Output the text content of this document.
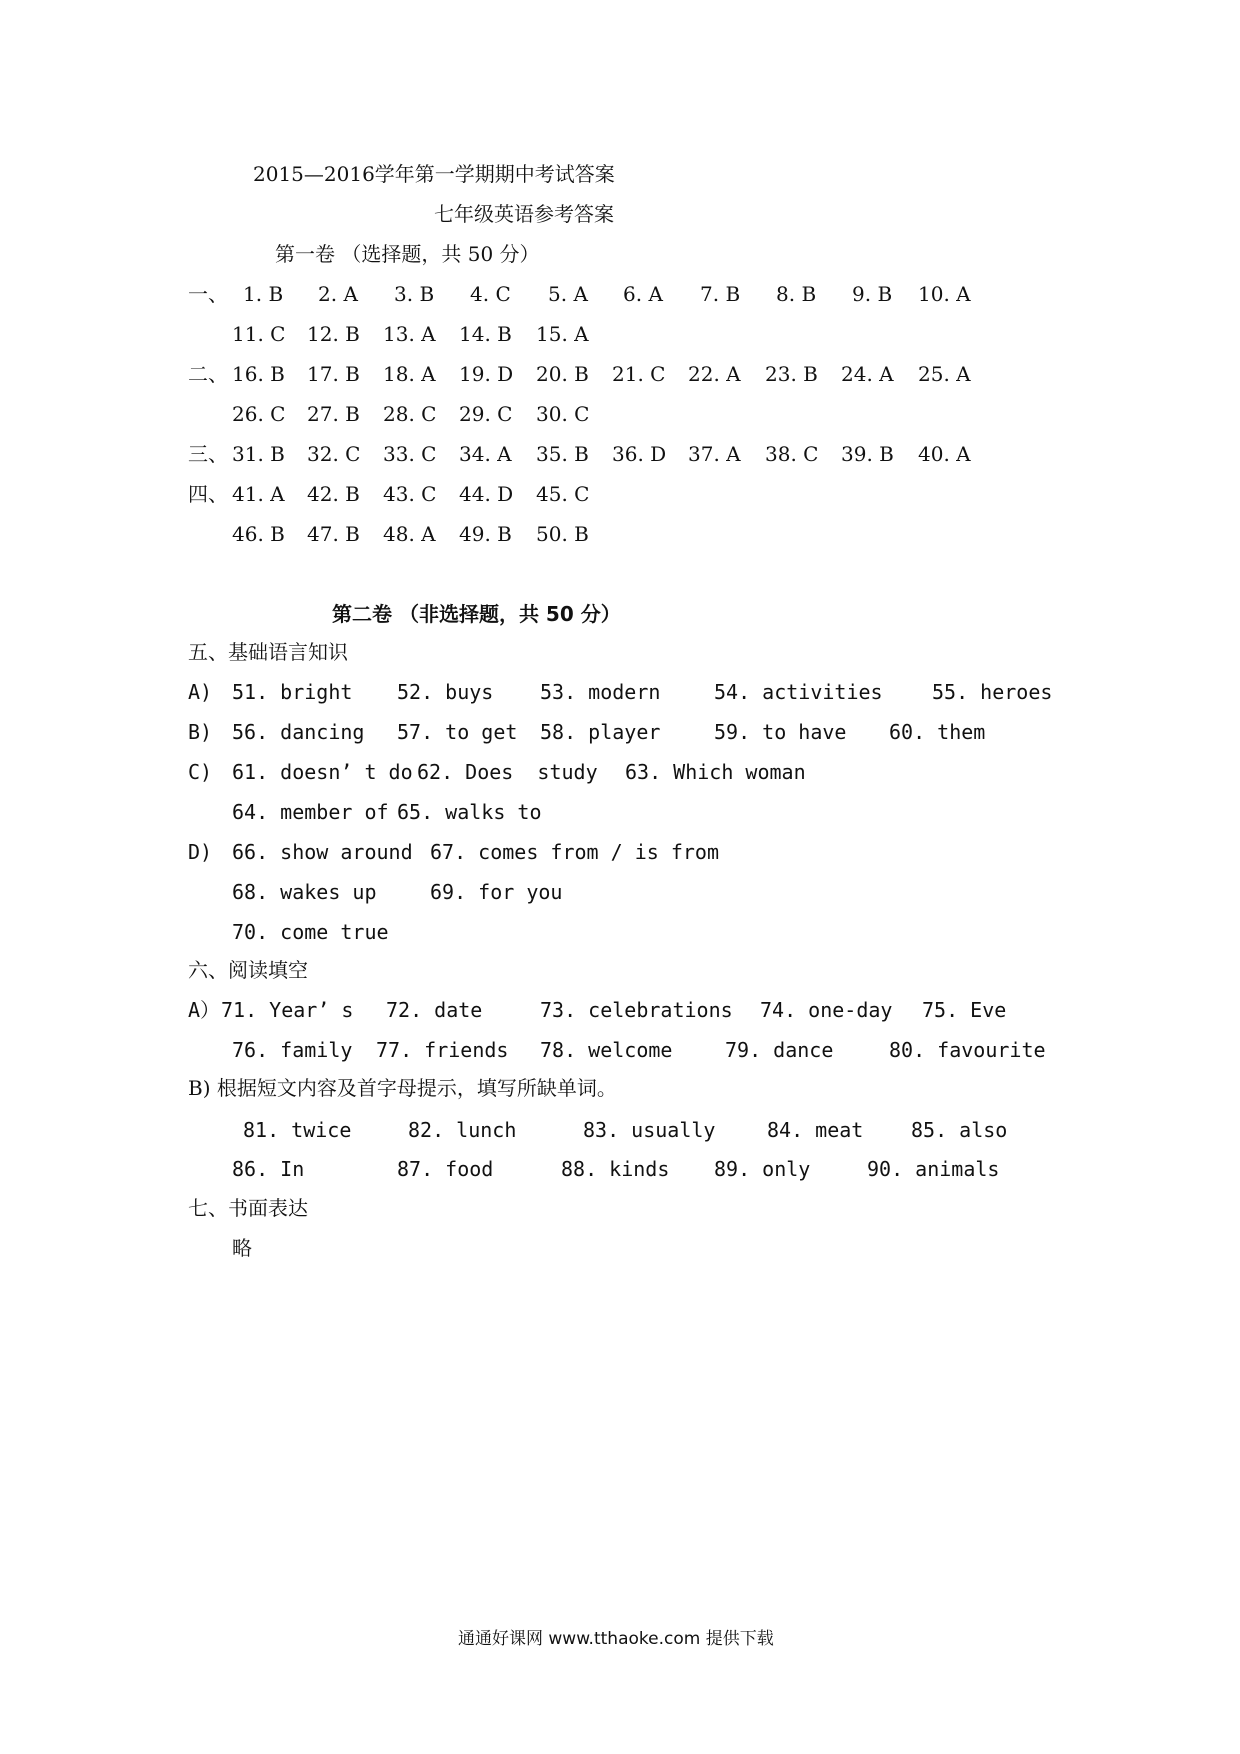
2015—2016学年第一学期期中考试答案
七年级英语参考答案
第一卷 （选择题，共 50 分）
一、 1. B 2. A 3. B 4. C 5. A 6. A 7. B 8. B 9. B 10. A
11. C 12. B 13. A 14. B 15. A
二、 16. B 17. B 18. A 19. D 20. B 21. C 22. A 23. B 24. A 25. A
26. C 27. B 28. C 29. C 30. C
三、 31. B 32. C 33. C 34. A 35. B 36. D 37. A 38. C 39. B 40. A
四、 41. A 42. B 43. C 44. D 45. C
46. B 47. B 48. A 49. B 50. B
第二卷 （非选择题，共 50 分）
五、基础语言知识
A) 51. bright 52. buys 53. modern	54. activities 55. heroes
B) 56. dancing 57. to get 58. player	59. to have 60. them
C) 61. doesn’ t do 62. Does  study 63. Which woman
64. member of 65. walks to
D) 66. show around 67. comes from / is from
68. wakes up	69. for you
70. come true
六、阅读填空
A） 71. Year’ s 72. date	73. celebrations 74. one-day 75. Eve
76. family 77. friends 78. welcome	79. dance	80. favourite
B) 根据短文内容及首字母提示，填写所缺单词。
81. twice	82. lunch	83. usually	84. meat 85. also
86. In	87. food	88. kinds 89. only	90. animals
七、书面表达
略
通通好课网 www.tthaoke.com 提供下载
